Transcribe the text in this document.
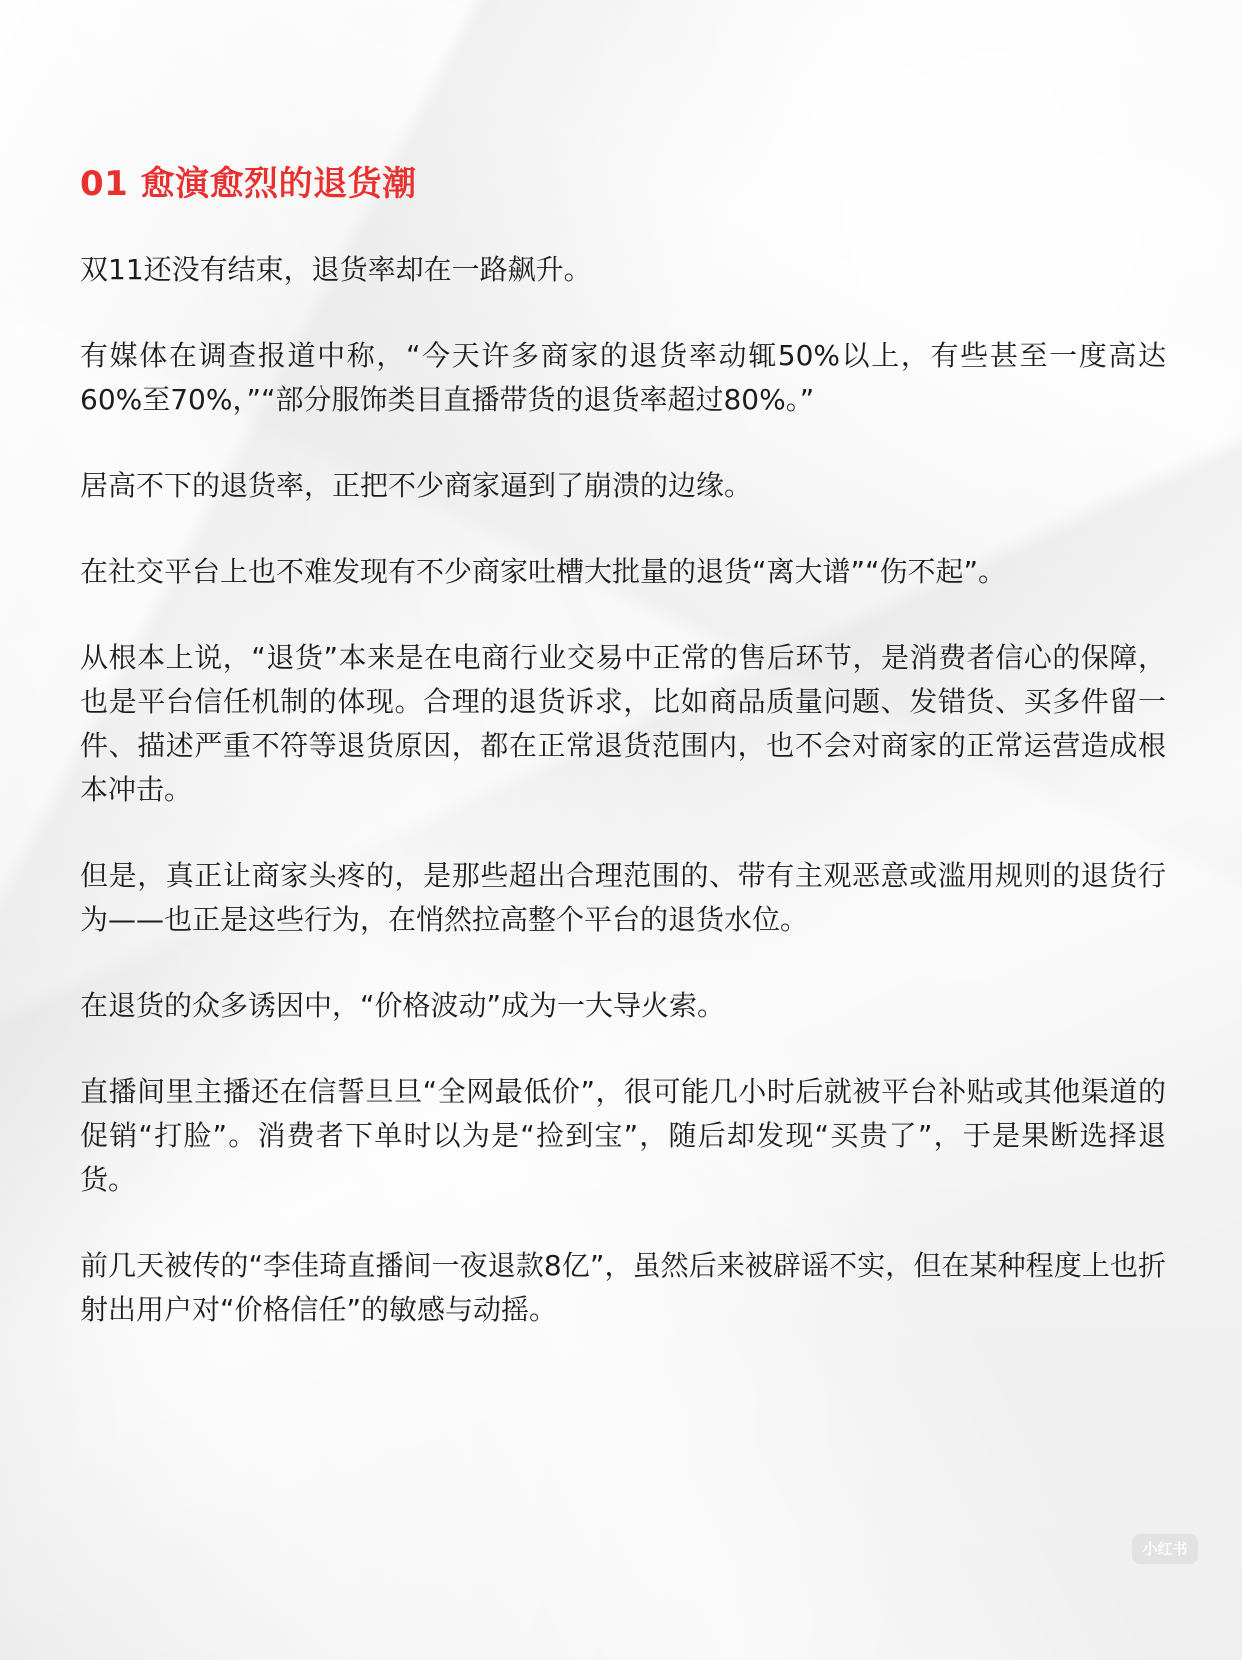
01 愈演愈烈的退货潮

双11还没有结束，退货率却在一路飙升。

有媒体在调查报道中称，“今天许多商家的退货率动辄50%以上，有些甚至一度高达60%至70%，”“部分服饰类目直播带货的退货率超过80%。”

居高不下的退货率，正把不少商家逼到了崩溃的边缘。

在社交平台上也不难发现有不少商家吐槽大批量的退货“离大谱”“伤不起”。

从根本上说，“退货”本来是在电商行业交易中正常的售后环节，是消费者信心的保障，也是平台信任机制的体现。合理的退货诉求，比如商品质量问题、发错货、买多件留一件、描述严重不符等退货原因，都在正常退货范围内，也不会对商家的正常运营造成根本冲击。

但是，真正让商家头疼的，是那些超出合理范围的、带有主观恶意或滥用规则的退货行为——也正是这些行为，在悄然拉高整个平台的退货水位。

在退货的众多诱因中，“价格波动”成为一大导火索。

直播间里主播还在信誓旦旦“全网最低价”，很可能几小时后就被平台补贴或其他渠道的促销“打脸”。消费者下单时以为是“捡到宝”，随后却发现“买贵了”，于是果断选择退货。

前几天被传的“李佳琦直播间一夜退款8亿”，虽然后来被辟谣不实，但在某种程度上也折射出用户对“价格信任”的敏感与动摇。

小红书
